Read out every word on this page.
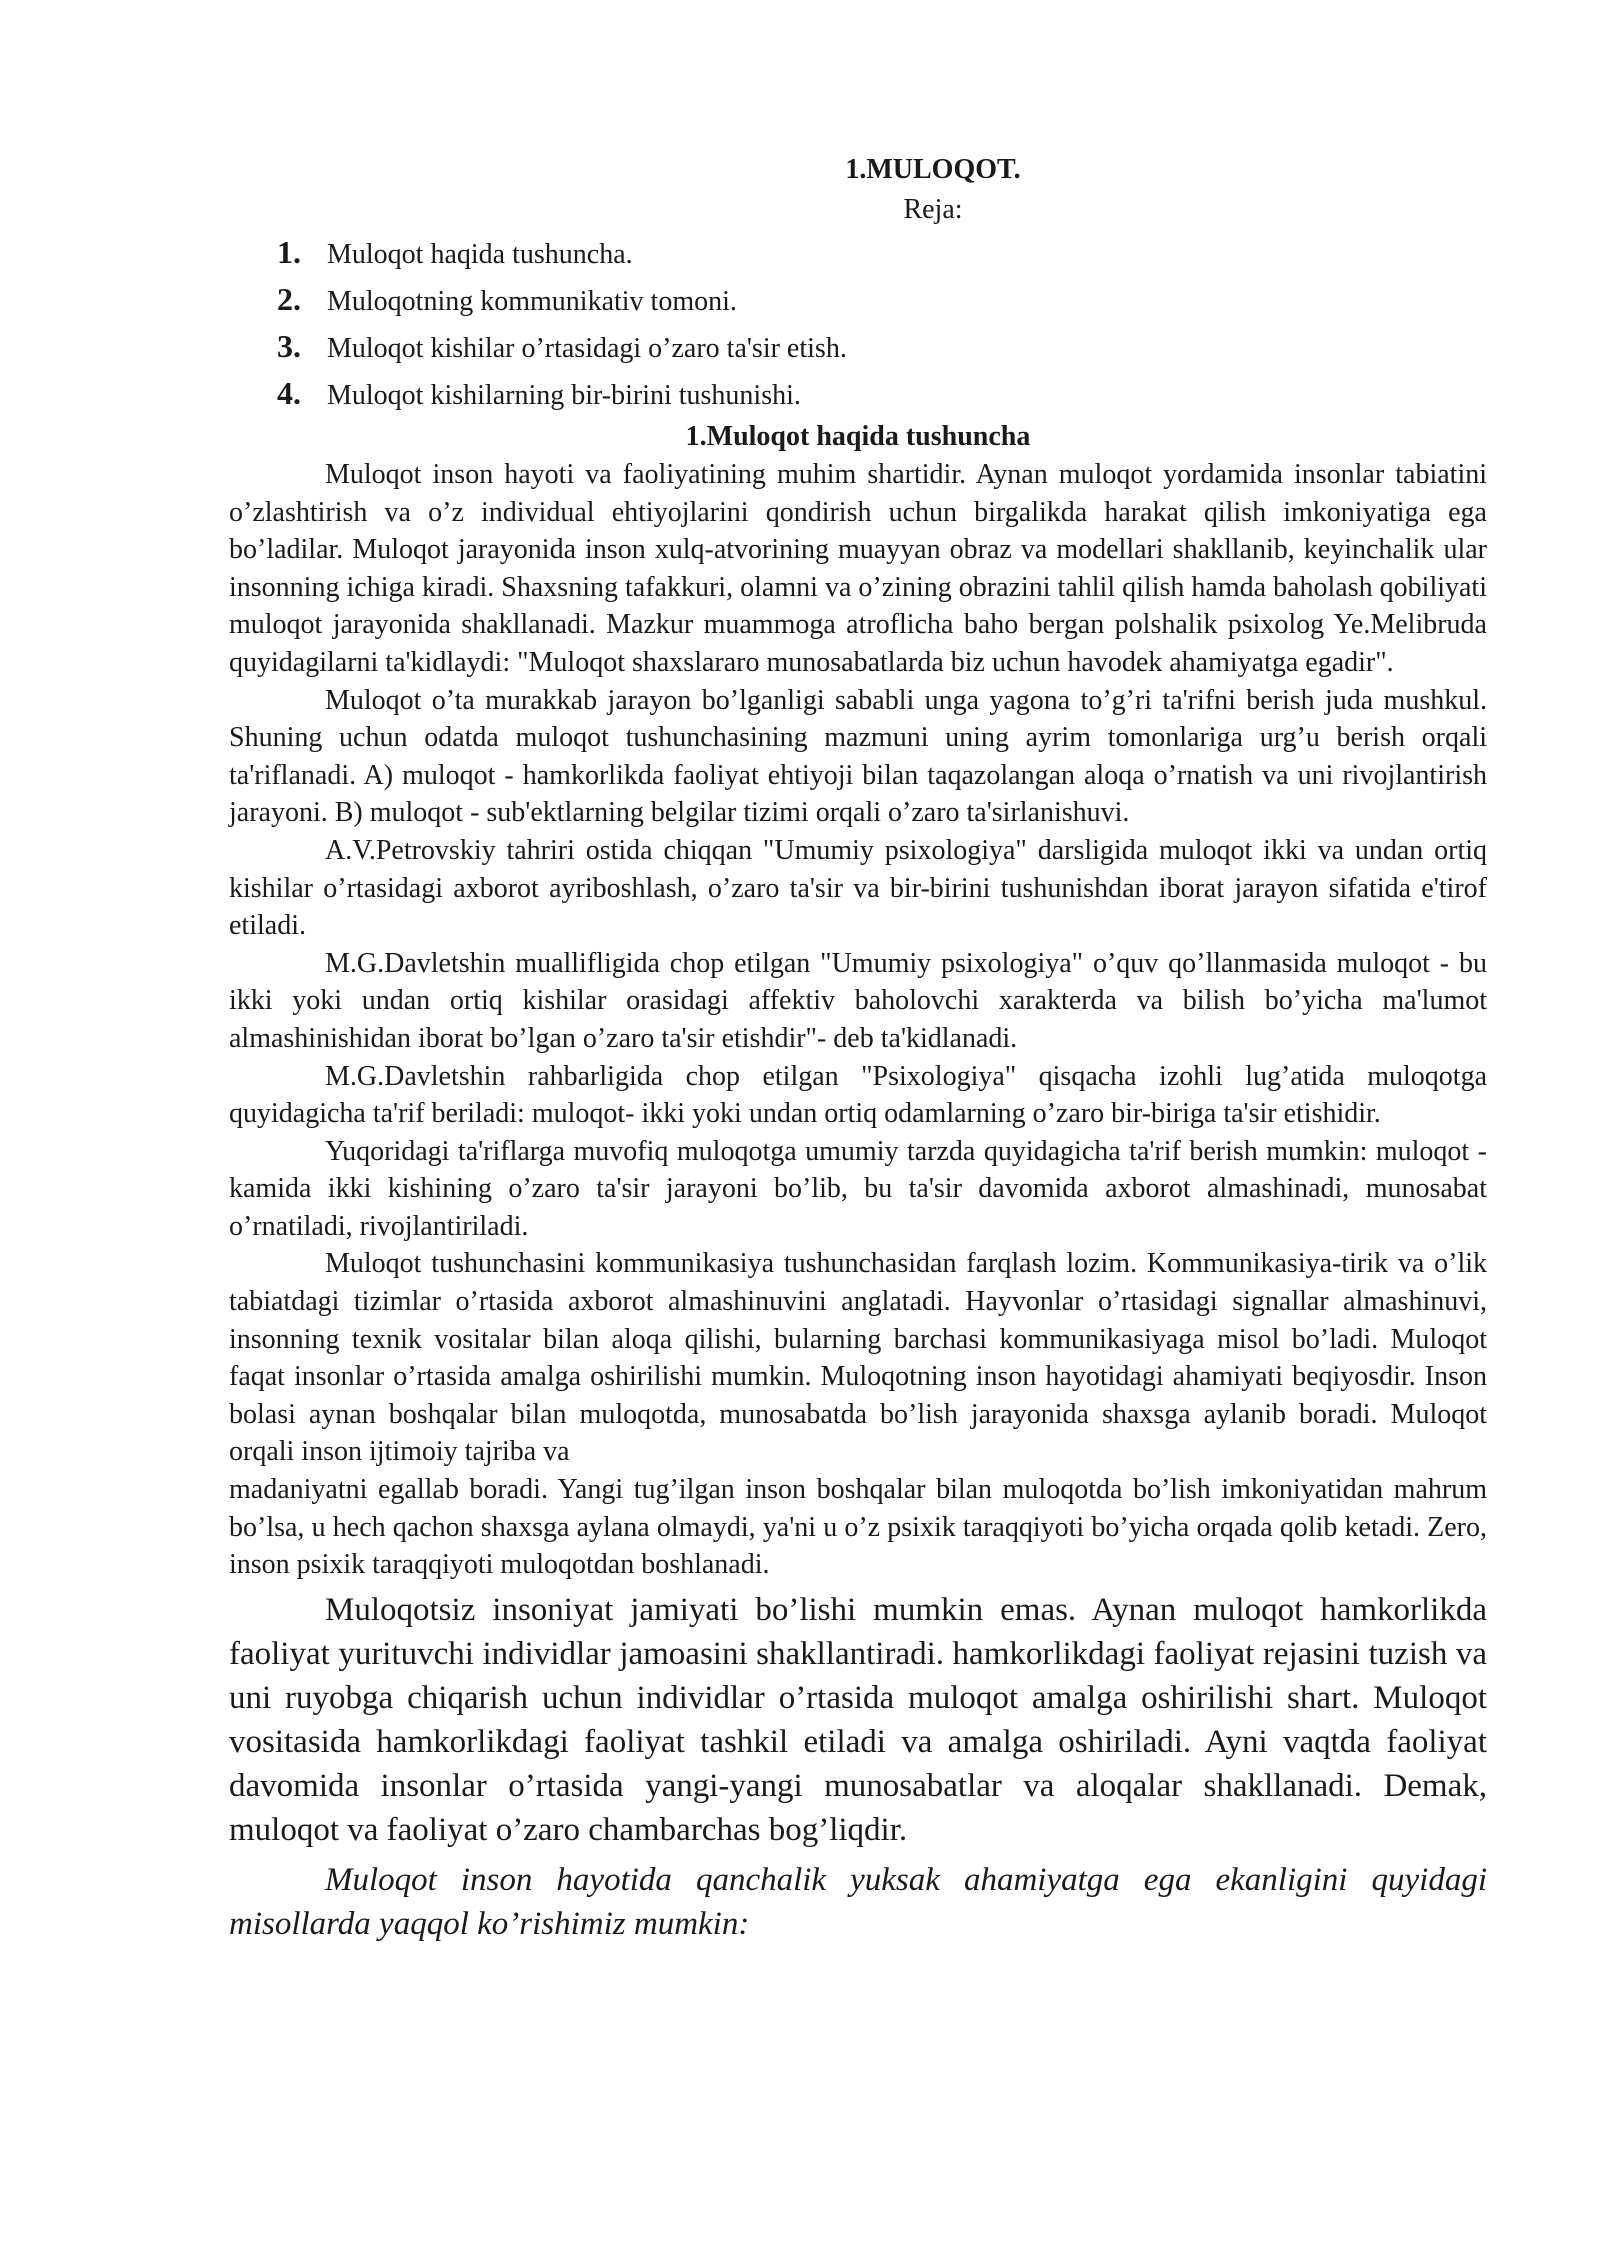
1.MULOQOT.
Reja:
1. Muloqot haqida tushuncha.
2. Muloqotning kommunikativ tomoni.
3. Muloqot kishilar o’rtasidagi o’zaro ta'sir etish.
4. Muloqot kishilarning bir-birini tushunishi.
1.Muloqot haqida tushuncha

Muloqot inson hayoti va faoliyatining muhim shartidir. Aynan muloqot yordamida insonlar tabiatini o’zlashtirish va o’z individual ehtiyojlarini qondirish uchun birgalikda harakat qilish imkoniyatiga ega bo’ladilar. Muloqot jarayonida inson xulq-atvorining muayyan obraz va modellari shakllanib, keyinchalik ular insonning ichiga kiradi. Shaxsning tafakkuri, olamni va o’zining obrazini tahlil qilish hamda baholash qobiliyati muloqot jarayonida shakllanadi. Mazkur muammoga atroflicha baho bergan polshalik psixolog Ye.Melibruda quyidagilarni ta'kidlaydi: "Muloqot shaxslararo munosabatlarda biz uchun havodek ahamiyatga egadir".

Muloqot o’ta murakkab jarayon bo’lganligi sababli unga yagona to’g’ri ta'rifni berish juda mushkul. Shuning uchun odatda muloqot tushunchasining mazmuni uning ayrim tomonlariga urg’u berish orqali ta'riflanadi. A) muloqot - hamkorlikda faoliyat ehtiyoji bilan taqazolangan aloqa o’rnatish va uni rivojlantirish jarayoni. B) muloqot - sub'ektlarning belgilar tizimi orqali o’zaro ta'sirlanishuvi.

A.V.Petrovskiy tahriri ostida chiqqan "Umumiy psixologiya" darsligida muloqot ikki va undan ortiq kishilar o’rtasidagi axborot ayriboshlash, o’zaro ta'sir va bir-birini tushunishdan iborat jarayon sifatida e'tirof etiladi.

M.G.Davletshin muallifligida chop etilgan "Umumiy psixologiya" o’quv qo’llanmasida muloqot - bu ikki yoki undan ortiq kishilar orasidagi affektiv baholovchi xarakterda va bilish bo’yicha ma'lumot almashinishidan iborat bo’lgan o’zaro ta'sir etishdir"- deb ta'kidlanadi.

M.G.Davletshin rahbarligida chop etilgan "Psixologiya" qisqacha izohli lug’atida muloqotga quyidagicha ta'rif beriladi: muloqot- ikki yoki undan ortiq odamlarning o’zaro bir-biriga ta'sir etishidir.

Yuqoridagi ta'riflarga muvofiq muloqotga umumiy tarzda quyidagicha ta'rif berish mumkin: muloqot - kamida ikki kishining o’zaro ta'sir jarayoni bo’lib, bu ta'sir davomida axborot almashinadi, munosabat o’rnatiladi, rivojlantiriladi.

Muloqot tushunchasini kommunikasiya tushunchasidan farqlash lozim. Kommunikasiya-tirik va o’lik tabiatdagi tizimlar o’rtasida axborot almashinuvini anglatadi. Hayvonlar o’rtasidagi signallar almashinuvi, insonning texnik vositalar bilan aloqa qilishi, bularning barchasi kommunikasiyaga misol bo’ladi. Muloqot faqat insonlar o’rtasida amalga oshirilishi mumkin. Muloqotning inson hayotidagi ahamiyati beqiyosdir. Inson bolasi aynan boshqalar bilan muloqotda, munosabatda bo’lish jarayonida shaxsga aylanib boradi. Muloqot orqali inson ijtimoiy tajriba va

madaniyatni egallab boradi. Yangi tug’ilgan inson boshqalar bilan muloqotda bo’lish imkoniyatidan mahrum bo’lsa, u hech qachon shaxsga aylana olmaydi, ya'ni u o’z psixik taraqqiyoti bo’yicha orqada qolib ketadi. Zero, inson psixik taraqqiyoti muloqotdan boshlanadi.

Muloqotsiz insoniyat jamiyati bo’lishi mumkin emas. Aynan muloqot hamkorlikda faoliyat yurituvchi individlar jamoasini shakllantiradi. hamkorlikdagi faoliyat rejasini tuzish va uni ruyobga chiqarish uchun individlar o’rtasida muloqot amalga oshirilishi shart. Muloqot vositasida hamkorlikdagi faoliyat tashkil etiladi va amalga oshiriladi. Ayni vaqtda faoliyat davomida insonlar o’rtasida yangi-yangi munosabatlar va aloqalar shakllanadi. Demak, muloqot va faoliyat o’zaro chambarchas bog’liqdir.

Muloqot inson hayotida qanchalik yuksak ahamiyatga ega ekanligini quyidagi misollarda yaqqol ko’rishimiz mumkin:
